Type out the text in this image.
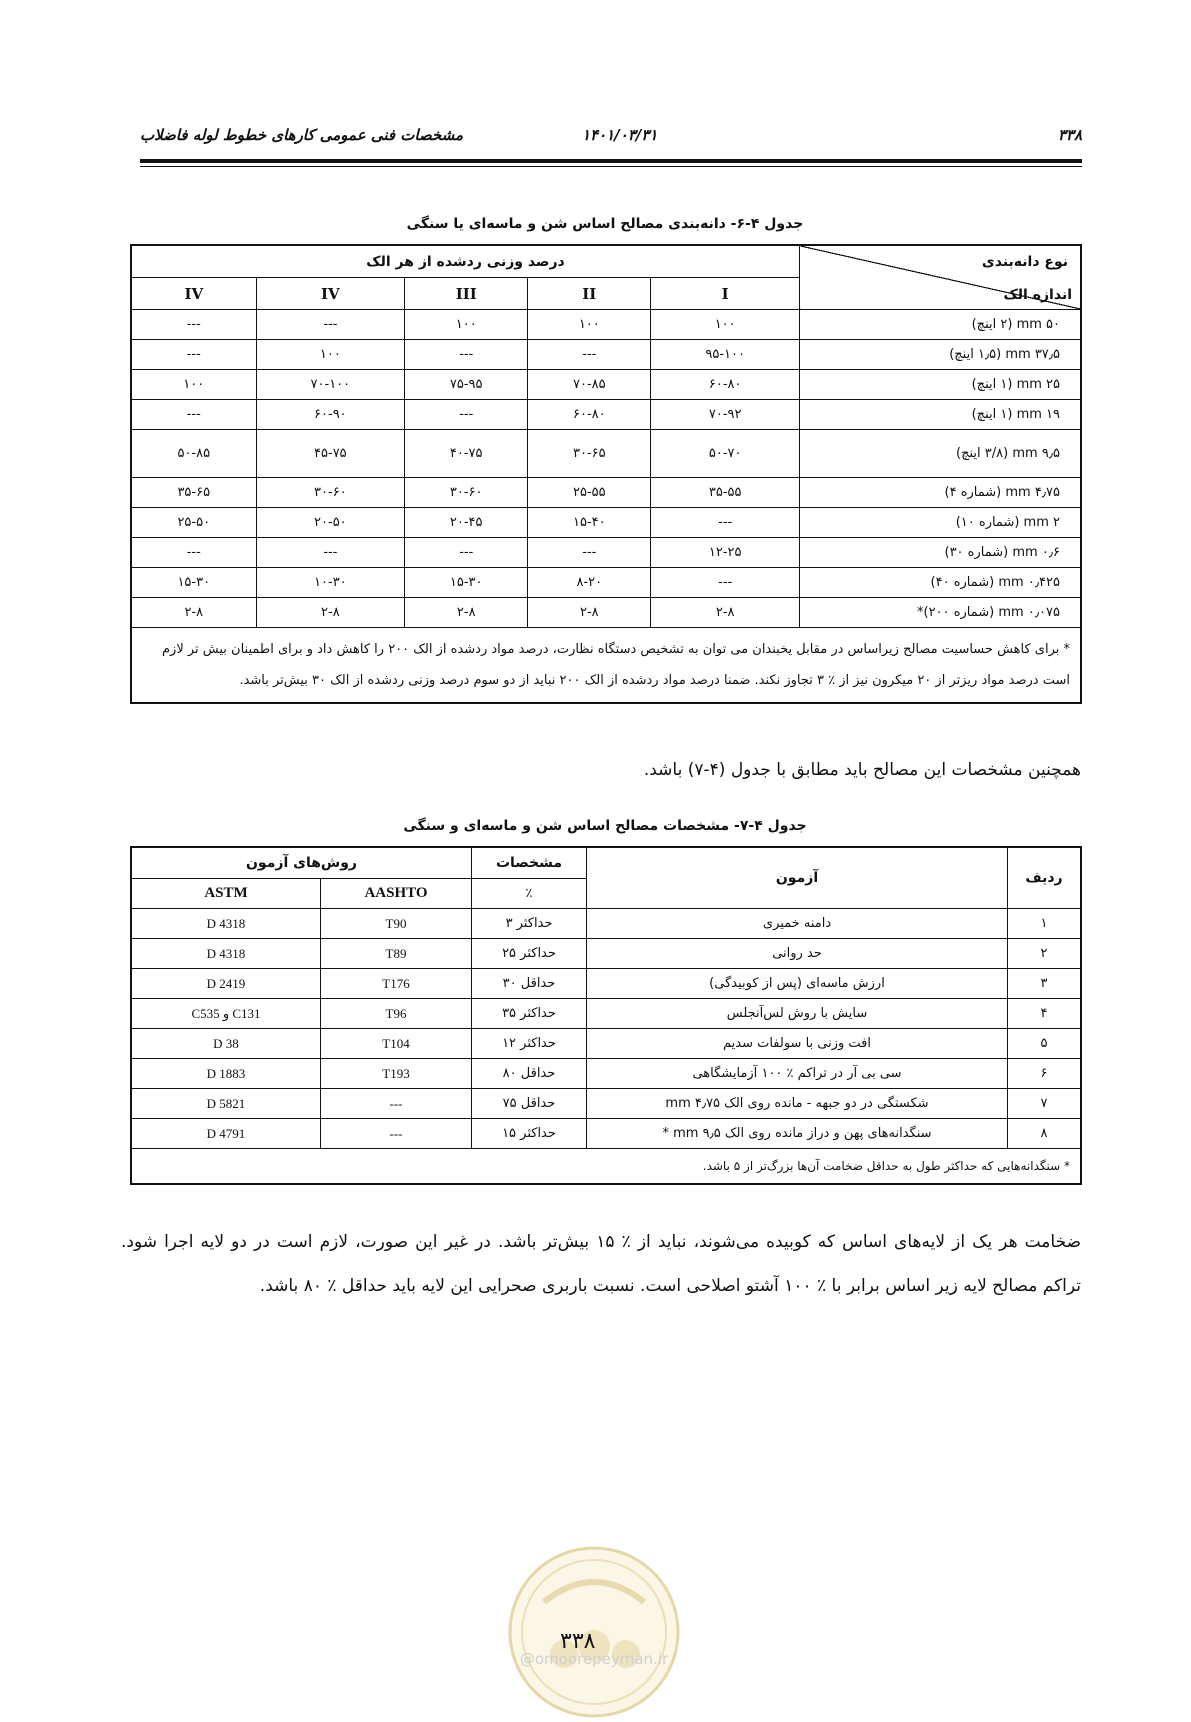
۳۳۸
۱۴۰۱/۰۳/۳۱
مشخصات فنی عمومی کارهای خطوط لوله فاضلاب
جدول ۴-۶- دانه‌بندی مصالح اساس شن و ماسه‌ای یا سنگی
نوع دانه‌بندی
اندازه الک	درصد وزنی ردشده از هر الک				
	I	II	III	IV	IV
۵۰ mm (۲ اینچ)	۱۰۰	۱۰۰	۱۰۰	---	---
۳۷٫۵ mm (۱٫۵ اینچ)	۹۵-۱۰۰	---	---	۱۰۰	---
۲۵ mm (۱ اینچ)	۶۰-۸۰	۷۰-۸۵	۷۵-۹۵	۷۰-۱۰۰	۱۰۰
۱۹ mm (۱ اینچ)	۷۰-۹۲	۶۰-۸۰	---	۶۰-۹۰	---
۹٫۵ mm (۳/۸ اینچ)	۵۰-۷۰	۳۰-۶۵	۴۰-۷۵	۴۵-۷۵	۵۰-۸۵
۴٫۷۵ mm (شماره ۴)	۳۵-۵۵	۲۵-۵۵	۳۰-۶۰	۳۰-۶۰	۳۵-۶۵
۲ mm (شماره ۱۰)	---	۱۵-۴۰	۲۰-۴۵	۲۰-۵۰	۲۵-۵۰
۰٫۶ mm (شماره ۳۰)	۱۲-۲۵	---	---	---	---
۰٫۴۲۵ mm (شماره ۴۰)	---	۸-۲۰	۱۵-۳۰	۱۰-۳۰	۱۵-۳۰
۰٫۰۷۵ mm (شماره ۲۰۰)*	۲-۸	۲-۸	۲-۸	۲-۸	۲-۸
* برای کاهش حساسیت مصالح زیراساس در مقابل یخبندان می توان به تشخیص دستگاه نظارت، درصد مواد ردشده از الک ۲۰۰ را کاهش داد و برای اطمینان بیش تر لازم است درصد مواد ریزتر از ۲۰ میکرون نیز از ٪ ۳ تجاوز نکند. ضمنا درصد مواد ردشده از الک ۲۰۰ نباید از دو سوم درصد وزنی ردشده از الک ۳۰ بیش‌تر باشد.					
همچنین مشخصات این مصالح باید مطابق با جدول (۴-۷) باشد.
جدول ۴-۷- مشخصات مصالح اساس شن و ماسه‌ای و سنگی
ردیف	آزمون	مشخصات	روش‌های آزمون	
		٪	AASHTO	ASTM
۱	دامنه خمیری	حداکثر ۳	T90	D 4318
۲	حد روانی	حداکثر ۲۵	T89	D 4318
۳	ارزش ماسه‌ای (پس از کوبیدگی)	حداقل ۳۰	T176	D 2419
۴	سایش با روش لس‌آنجلس	حداکثر ۳۵	T96	C131 و C535
۵	افت وزنی با سولفات سدیم	حداکثر ۱۲	T104	D 38
۶	سی بی آر در تراکم ٪ ۱۰۰ آزمایشگاهی	حداقل ۸۰	T193	D 1883
۷	شکستگی در دو جبهه - مانده روی الک ۴٫۷۵ mm	حداقل ۷۵	---	D 5821
۸	سنگدانه‌های پهن و دراز مانده روی الک ۹٫۵ mm *	حداکثر ۱۵	---	D 4791
* سنگدانه‌هایی که حداکثر طول به حداقل ضخامت آن‌ها بزرگ‌تر از ۵ باشد.				
ضخامت هر یک از لایه‌های اساس که کوبیده می‌شوند، نباید از ٪ ۱۵ بیش‌تر باشد. در غیر این صورت، لازم است در دو لایه اجرا شود. تراکم مصالح لایه زیر اساس برابر با ٪ ۱۰۰ آشتو اصلاحی است. نسبت باربری صحرایی این لایه باید حداقل ٪ ۸۰ باشد.
۳۳۸
@omoorepeyman.ir
